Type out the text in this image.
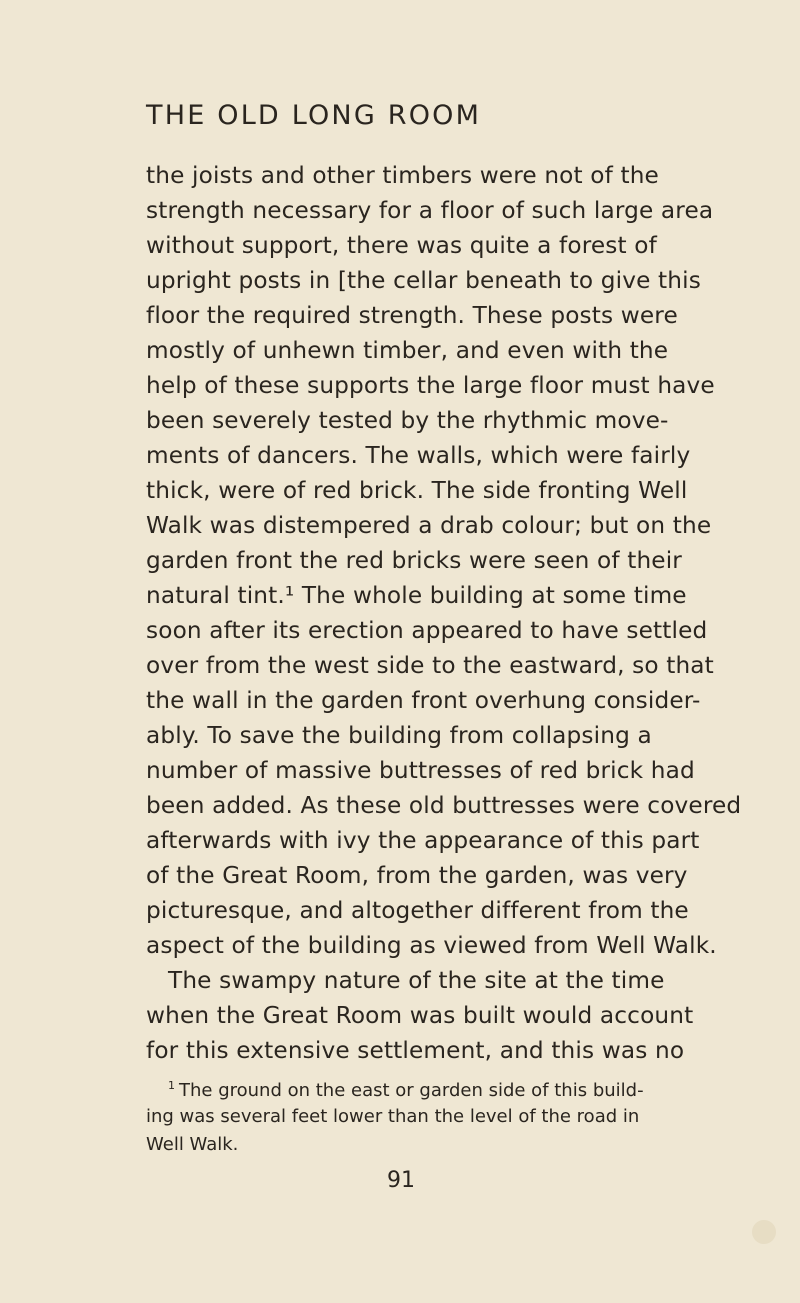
THE OLD LONG ROOM
the joists and other timbers were not of the
strength necessary for a floor of such large area
without support, there was quite a forest of
upright posts in [the cellar beneath to give this
floor the required strength. These posts were
mostly of unhewn timber, and even with the
help of these supports the large floor must have
been severely tested by the rhythmic move-
ments of dancers. The walls, which were fairly
thick, were of red brick. The side fronting Well
Walk was distempered a drab colour; but on the
garden front the red bricks were seen of their
natural tint.¹ The whole building at some time
soon after its erection appeared to have settled
over from the west side to the eastward, so that
the wall in the garden front overhung consider-
ably. To save the building from collapsing a
number of massive buttresses of red brick had
been added. As these old buttresses were covered
afterwards with ivy the appearance of this part
of the Great Room, from the garden, was very
picturesque, and altogether different from the
aspect of the building as viewed from Well Walk.
The swampy nature of the site at the time
when the Great Room was built would account
for this extensive settlement, and this was no
$^1$ The ground on the east or garden side of this build-
ing was several feet lower than the level of the road in
Well Walk.
91
